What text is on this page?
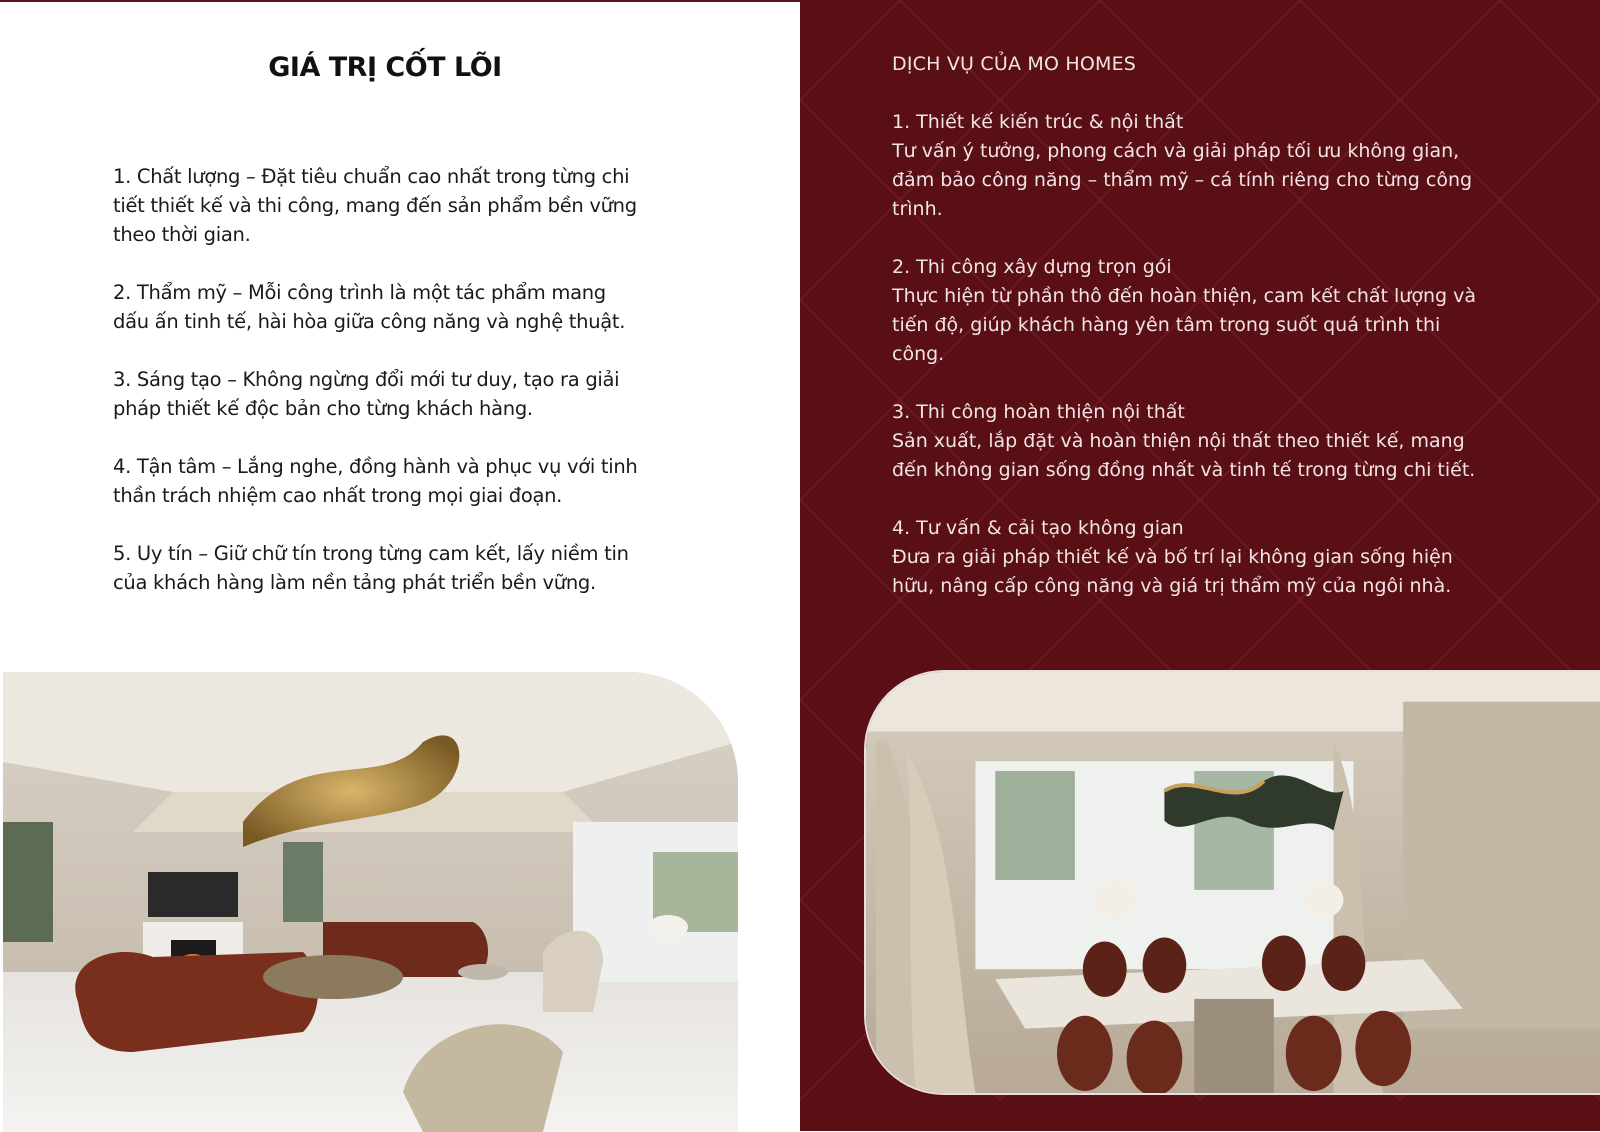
GIÁ TRỊ CỐT LÕI

1. Chất lượng – Đặt tiêu chuẩn cao nhất trong từng chi tiết thiết kế và thi công, mang đến sản phẩm bền vững theo thời gian.

2. Thẩm mỹ – Mỗi công trình là một tác phẩm mang dấu ấn tinh tế, hài hòa giữa công năng và nghệ thuật.

3. Sáng tạo – Không ngừng đổi mới tư duy, tạo ra giải pháp thiết kế độc bản cho từng khách hàng.

4. Tận tâm – Lắng nghe, đồng hành và phục vụ với tinh thần trách nhiệm cao nhất trong mọi giai đoạn.

5. Uy tín – Giữ chữ tín trong từng cam kết, lấy niềm tin của khách hàng làm nền tảng phát triển bền vững.

DỊCH VỤ CỦA MO HOMES

1. Thiết kế kiến trúc & nội thất

Tư vấn ý tưởng, phong cách và giải pháp tối ưu không gian, đảm bảo công năng – thẩm mỹ – cá tính riêng cho từng công trình.

2. Thi công xây dựng trọn gói

Thực hiện từ phần thô đến hoàn thiện, cam kết chất lượng và tiến độ, giúp khách hàng yên tâm trong suốt quá trình thi công.

3. Thi công hoàn thiện nội thất

Sản xuất, lắp đặt và hoàn thiện nội thất theo thiết kế, mang đến không gian sống đồng nhất và tinh tế trong từng chi tiết.

4. Tư vấn & cải tạo không gian

Đưa ra giải pháp thiết kế và bố trí lại không gian sống hiện hữu, nâng cấp công năng và giá trị thẩm mỹ của ngôi nhà.
